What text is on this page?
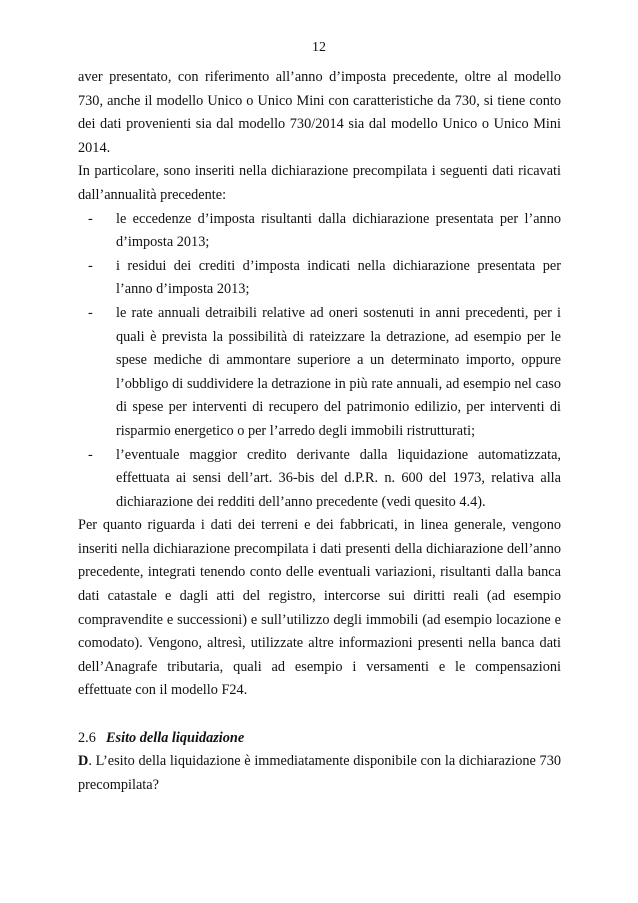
12

aver presentato, con riferimento all’anno d’imposta precedente, oltre al modello 730, anche il modello Unico o Unico Mini con caratteristiche da 730, si tiene conto dei dati provenienti sia dal modello 730/2014 sia dal modello Unico o Unico Mini 2014.

In particolare, sono inseriti nella dichiarazione precompilata i seguenti dati ricavati dall’annualità precedente:

- le eccedenze d’imposta risultanti dalla dichiarazione presentata per l’anno d’imposta 2013;
- i residui dei crediti d’imposta indicati nella dichiarazione presentata per l’anno d’imposta 2013;
- le rate annuali detraibili relative ad oneri sostenuti in anni precedenti, per i quali è prevista la possibilità di rateizzare la detrazione, ad esempio per le spese mediche di ammontare superiore a un determinato importo, oppure l’obbligo di suddividere la detrazione in più rate annuali, ad esempio nel caso di spese per interventi di recupero del patrimonio edilizio, per interventi di risparmio energetico o per l’arredo degli immobili ristrutturati;
- l’eventuale maggior credito derivante dalla liquidazione automatizzata, effettuata ai sensi dell’art. 36-bis del d.P.R. n. 600 del 1973, relativa alla dichiarazione dei redditi dell’anno precedente (vedi quesito 4.4).

Per quanto riguarda i dati dei terreni e dei fabbricati, in linea generale, vengono inseriti nella dichiarazione precompilata i dati presenti della dichiarazione dell’anno precedente, integrati tenendo conto delle eventuali variazioni, risultanti dalla banca dati catastale e dagli atti del registro, intercorse sui diritti reali (ad esempio compravendite e successioni) e sull’utilizzo degli immobili (ad esempio locazione e comodato). Vengono, altresì, utilizzate altre informazioni presenti nella banca dati dell’Anagrafe tributaria, quali ad esempio i versamenti e le compensazioni effettuate con il modello F24.

2.6 Esito della liquidazione

D. L’esito della liquidazione è immediatamente disponibile con la dichiarazione 730 precompilata?
